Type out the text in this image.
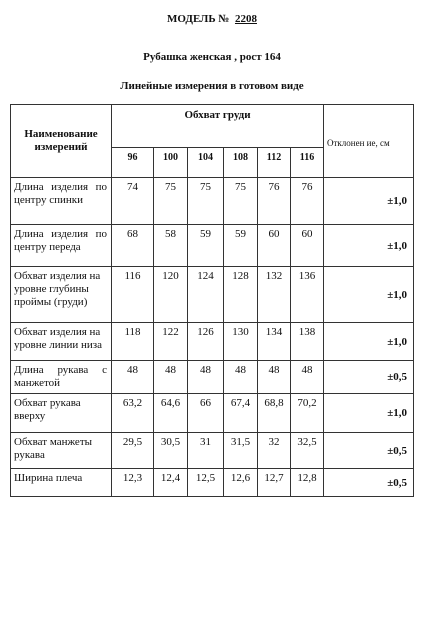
МОДЕЛЬ № 2208
Рубашка женская , рост 164
Линейные измерения в готовом виде
Наименование измерений	Обхват груди						Отклонен ие, см
	96	100	104	108	112	116	
Длина изделия по центру спинки	74	75	75	75	76	76	±1,0
Длина изделия по центру переда	68	58	59	59	60	60	±1,0
Обхват изделия на уровне глубины проймы (груди)	116	120	124	128	132	136	±1,0
Обхват изделия на уровне линии низа	118	122	126	130	134	138	±1,0
Длина рукава с манжетой	48	48	48	48	48	48	±0,5
Обхват рукава вверху	63,2	64,6	66	67,4	68,8	70,2	±1,0
Обхват манжеты рукава	29,5	30,5	31	31,5	32	32,5	±0,5
Ширина плеча	12,3	12,4	12,5	12,6	12,7	12,8	±0,5
